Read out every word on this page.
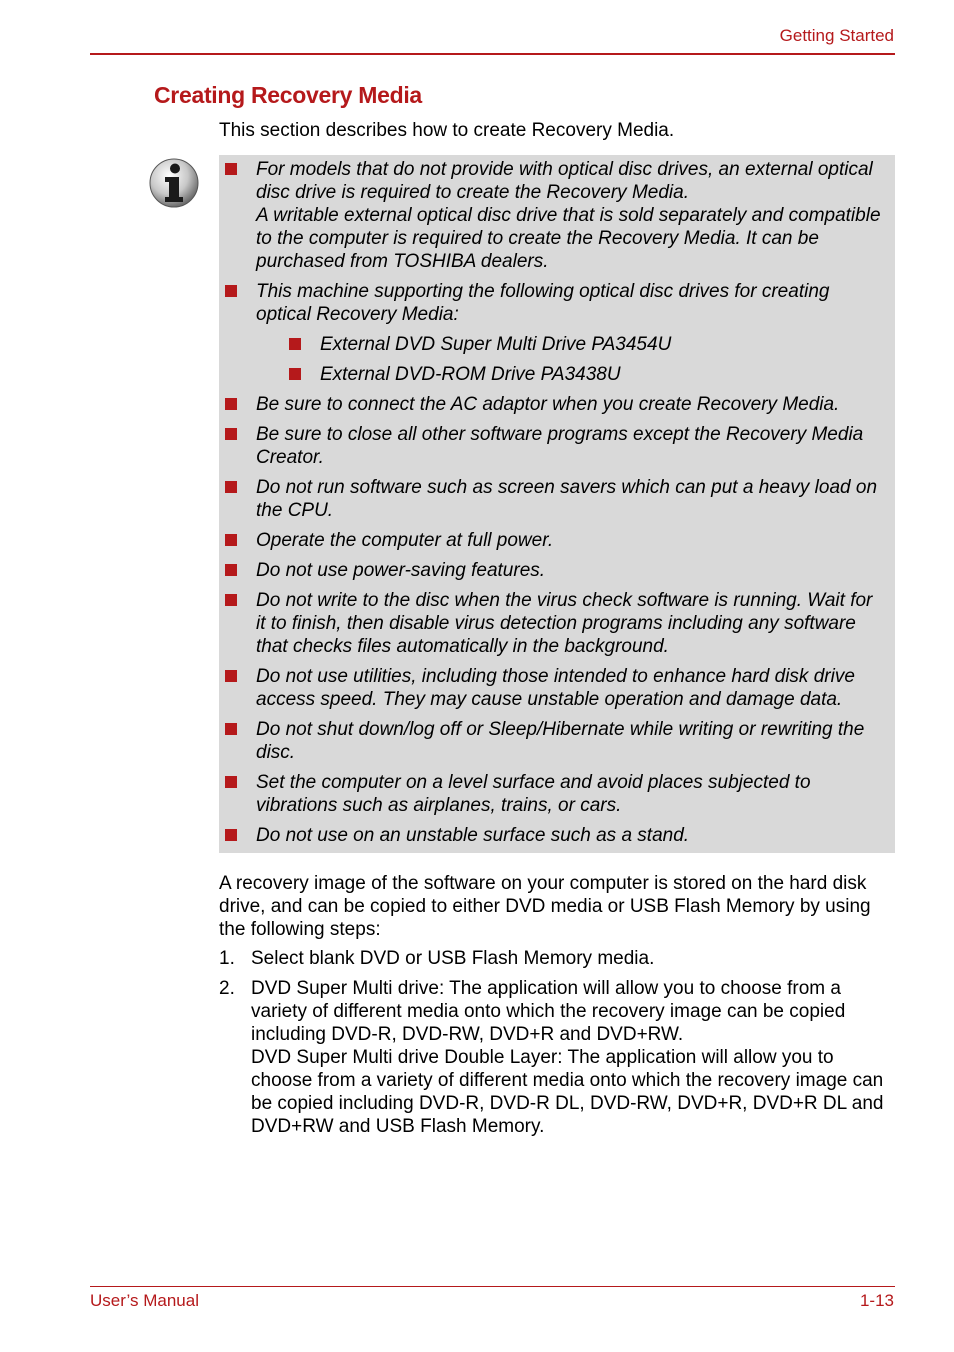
Getting Started
Creating Recovery Media

This section describes how to create Recovery Media.

For models that do not provide with optical disc drives, an external optical disc drive is required to create the Recovery Media.
A writable external optical disc drive that is sold separately and compatible to the computer is required to create the Recovery Media. It can be purchased from TOSHIBA dealers.
This machine supporting the following optical disc drives for creating optical Recovery Media:
External DVD Super Multi Drive PA3454U
External DVD-ROM Drive PA3438U
Be sure to connect the AC adaptor when you create Recovery Media.
Be sure to close all other software programs except the Recovery Media Creator.
Do not run software such as screen savers which can put a heavy load on the CPU.
Operate the computer at full power.
Do not use power-saving features.
Do not write to the disc when the virus check software is running. Wait for it to finish, then disable virus detection programs including any software that checks files automatically in the background.
Do not use utilities, including those intended to enhance hard disk drive access speed. They may cause unstable operation and damage data.
Do not shut down/log off or Sleep/Hibernate while writing or rewriting the disc.
Set the computer on a level surface and avoid places subjected to vibrations such as airplanes, trains, or cars.
Do not use on an unstable surface such as a stand.

A recovery image of the software on your computer is stored on the hard disk drive, and can be copied to either DVD media or USB Flash Memory by using the following steps:

1. Select blank DVD or USB Flash Memory media.
2. DVD Super Multi drive: The application will allow you to choose from a variety of different media onto which the recovery image can be copied including DVD-R, DVD-RW, DVD+R and DVD+RW.
DVD Super Multi drive Double Layer: The application will allow you to choose from a variety of different media onto which the recovery image can be copied including DVD-R, DVD-R DL, DVD-RW, DVD+R, DVD+R DL and DVD+RW and USB Flash Memory.
User’s Manual	1-13
